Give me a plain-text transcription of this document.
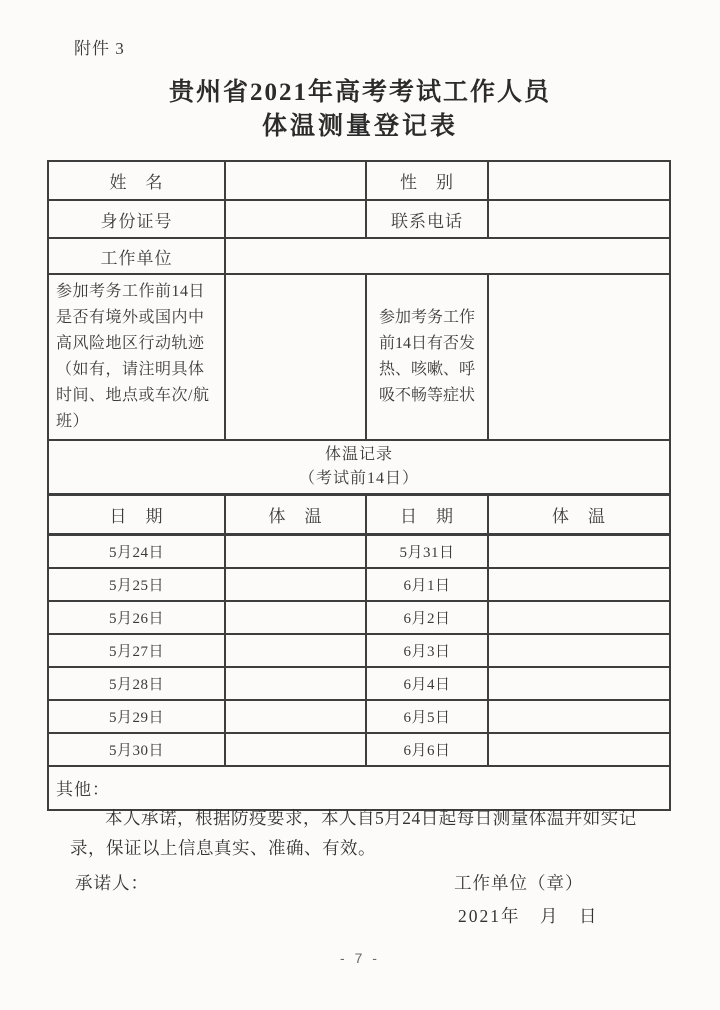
附件 3
贵州省2021年高考考试工作人员
体温测量登记表
姓　名		性　别	
身份证号		联系电话	
工作单位			
参加考务工作前14日是否有境外或国内中高风险地区行动轨迹（如有，请注明具体时间、地点或车次/航班）		参加考务工作前14日有否发热、咳嗽、呼吸不畅等症状	

体温记录
（考试前14日）			

日　期	体　温	日　期	体　温
5月24日		5月31日	
5月25日		6月1日	
5月26日		6月2日	
5月27日		6月3日	
5月28日		6月4日	
5月29日		6月5日	
5月30日		6月6日	
其他：			
本人承诺，根据防疫要求，本人自5月24日起每日测量体温并如实记录，保证以上信息真实、准确、有效。
承诺人：	工作单位（章）
2021年　月　日
- 7 -
